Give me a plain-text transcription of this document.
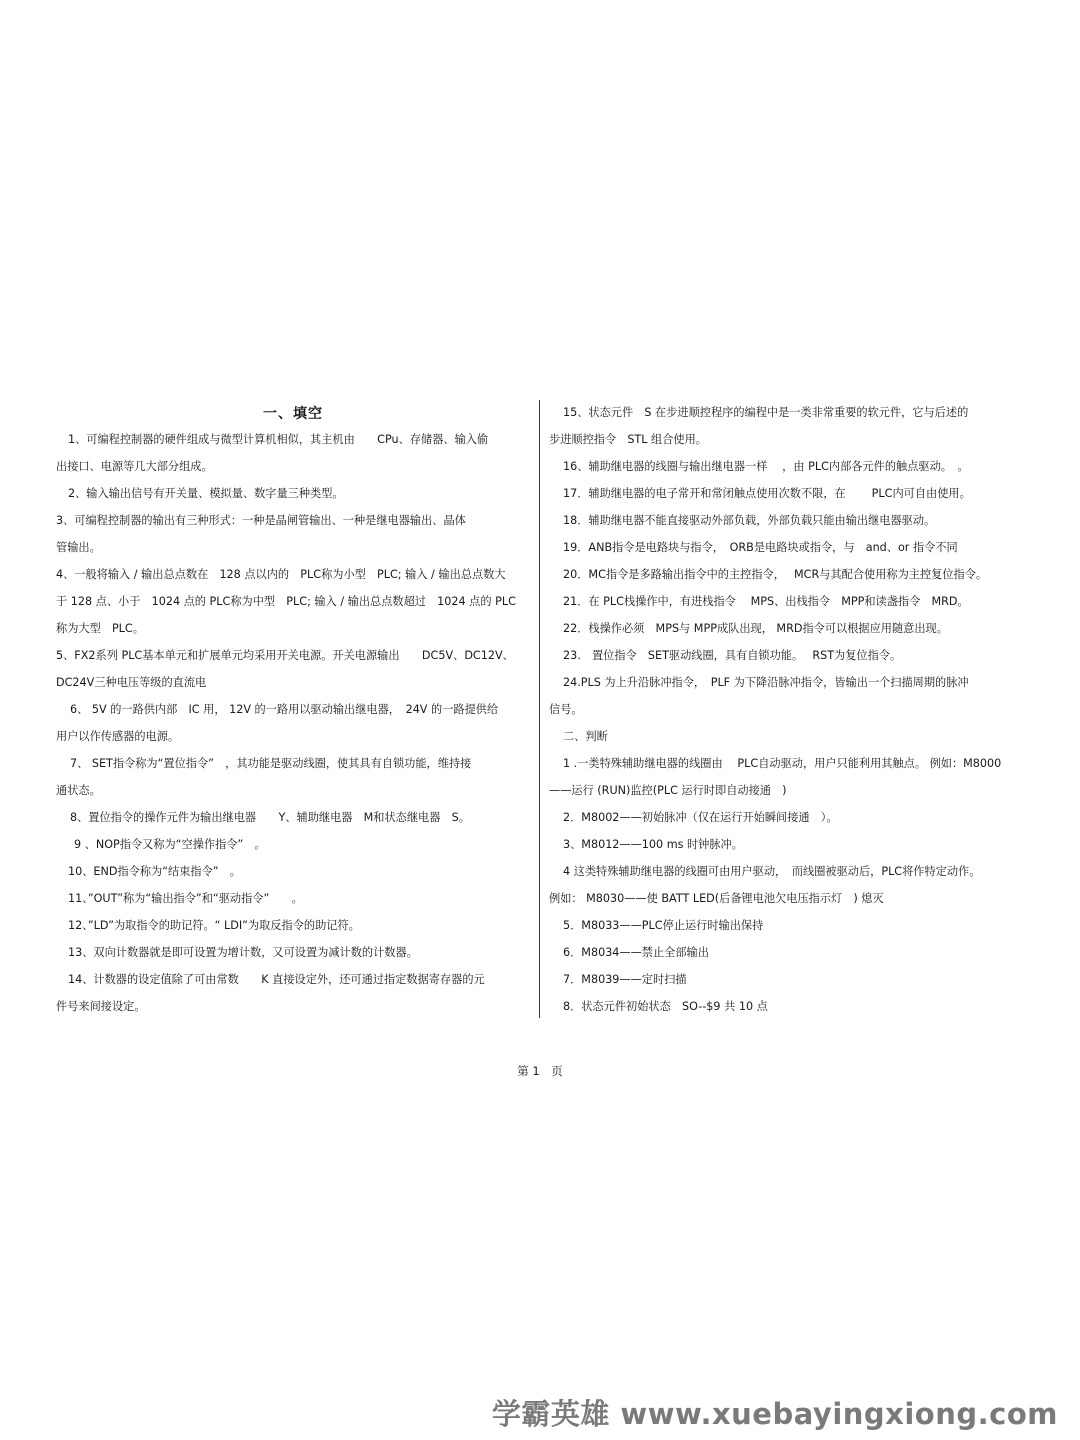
一、填空
1、可编程控制器的硬件组成与微型计算机相似，其主机由　　CPu、存储器、输入偷
出接口、电源等几大部分组成。
2、输入输出信号有开关量、模拟量、数字量三种类型。
3、可编程控制器的输出有三种形式：一种是晶闸管输出、一种是继电器输出、晶体
管输出。
4、一般将输入 / 输出总点数在　128 点以内的　PLC称为小型　PLC; 输入 / 输出总点数大
于 128 点、小于　1024 点的 PLC称为中型　PLC; 输入 / 输出总点数超过　1024 点的 PLC
称为大型　PLC。
5、FX2系列 PLC基本单元和扩展单元均采用开关电源。开关电源输出　　DC5V、DC12V、
DC24V三种电压等级的直流电
6、 5V 的一路供内部　IC 用， 12V 的一路用以驱动输出继电器，　24V 的一路提供给
用户以作传感器的电源。
7、 SET指令称为“置位指令”　，其功能是驱动线圈，使其具有自锁功能，维持接
通状态。
8、置位指令的操作元件为输出继电器　　Y、辅助继电器　M和状态继电器　S。
9 、NOP指令又称为“空操作指令”　。
10、END指令称为“结束指令”　。
11、”OUT”称为“输出指令”和“驱动指令”　　。
12、”LD”为取指令的助记符。“ LDI”为取反指令的助记符。
13、双向计数器就是即可设置为增计数，又可设置为减计数的计数器。
14、计数器的设定值除了可由常数　　K 直接设定外，还可通过指定数据寄存器的元
件号来间接设定。
15、状态元件　S 在步进顺控程序的编程中是一类非常重要的软元件，它与后述的
步进顺控指令　STL 组合使用。
16、辅助继电器的线圈与输出继电器一样　 ，由 PLC内部各元件的触点驱动。　。
17．辅助继电器的电子常开和常闭触点使用次数不限，在　　 PLC内可自由使用。
18．辅助继电器不能直接驱动外部负载，外部负载只能由输出继电器驱动。
19．ANB指令是电路块与指令，　ORB是电路块或指令，与　and、or 指令不同
20．MC指令是多路输出指令中的主控指令，　 MCR与其配合使用称为主控复位指令。
21．在 PLC栈操作中，有进栈指令　 MPS、出栈指令　MPP和读盏指令　MRD。
22．栈操作必须　MPS与 MPP成队出现， MRD指令可以根据应用随意出现。
23.　置位指令　SET驱动线圈，具有自锁功能。　 RST为复位指令。
24.PLS 为上升沿脉冲指令，　PLF 为下降沿脉冲指令，皆输出一个扫描周期的脉冲
信号。
二、判断
1 .一类特殊辅助继电器的线圈由　 PLC自动驱动，用户只能利用其触点。 例如：M8000
——运行 (RUN)监控(PLC 运行时即自动接通　)
2．M8002——初始脉冲（仅在运行开始瞬间接通　）。
3、M8012——100 ms 时钟脉冲。
4 这类特殊辅助继电器的线圈可由用户驱动，　而线圈被驱动后，PLC将作特定动作。
例如： M8030——使 BATT LED(后备锂电池欠电压指示灯　) 熄灭
5．M8033——PLC停止运行时输出保持
6．M8034——禁止全部输出
7．M8039——定时扫描
8．状态元件初始状态　SO--$9 共 10 点
第 1　页
学霸英雄 www.xuebayingxiong.com
